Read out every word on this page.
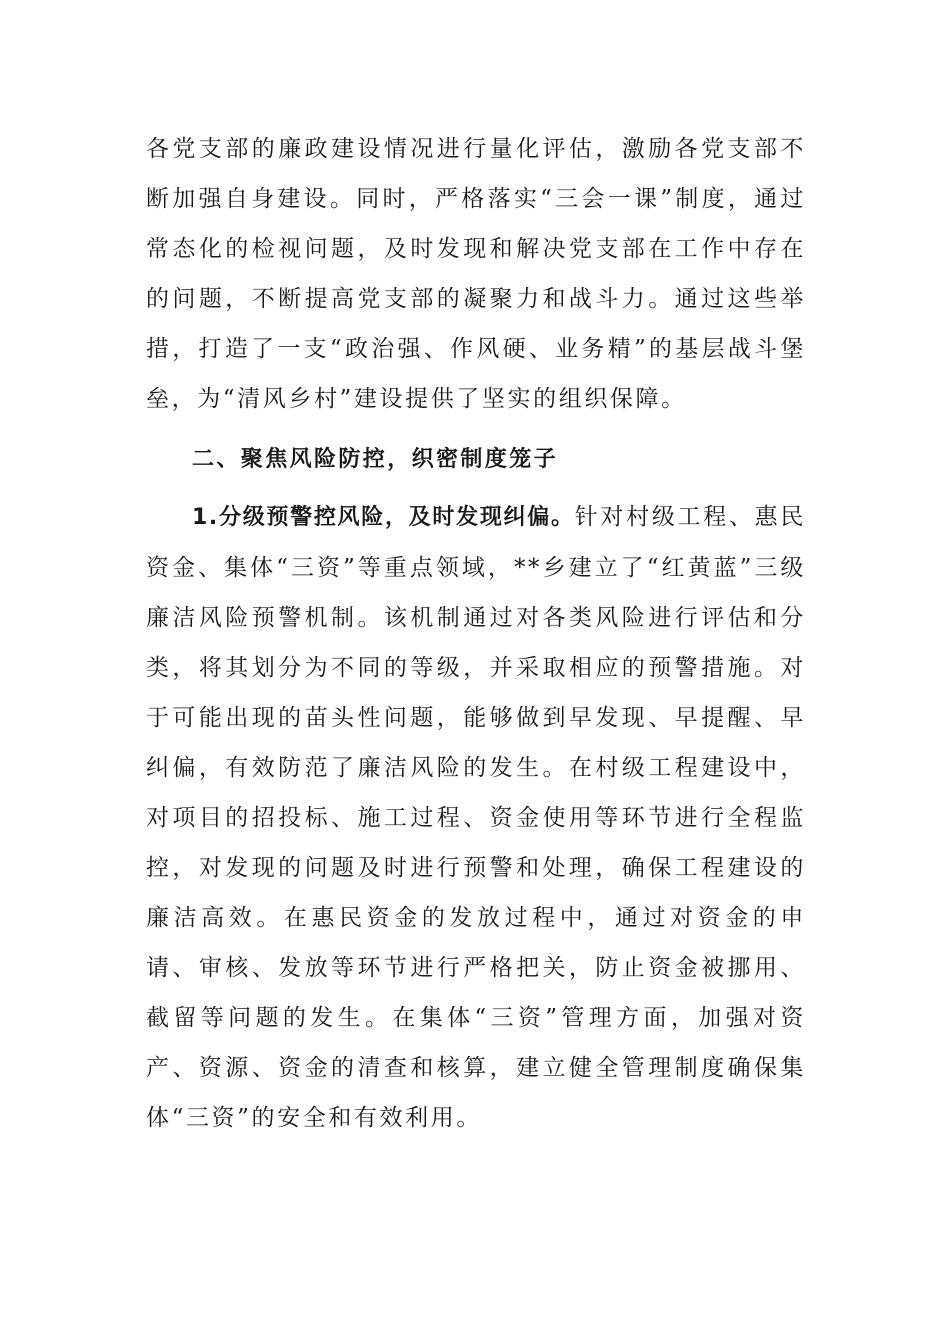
各党支部的廉政建设情况进行量化评估，激励各党支部不断加强自身建设。同时，严格落实“三会一课”制度，通过常态化的检视问题，及时发现和解决党支部在工作中存在的问题，不断提高党支部的凝聚力和战斗力。通过这些举措，打造了一支“政治强、作风硬、业务精”的基层战斗堡垒，为“清风乡村”建设提供了坚实的组织保障。

二、聚焦风险防控，织密制度笼子

1.分级预警控风险，及时发现纠偏。针对村级工程、惠民资金、集体“三资”等重点领域，**乡建立了“红黄蓝”三级廉洁风险预警机制。该机制通过对各类风险进行评估和分类，将其划分为不同的等级，并采取相应的预警措施。对于可能出现的苗头性问题，能够做到早发现、早提醒、早纠偏，有效防范了廉洁风险的发生。在村级工程建设中，对项目的招投标、施工过程、资金使用等环节进行全程监控，对发现的问题及时进行预警和处理，确保工程建设的廉洁高效。在惠民资金的发放过程中，通过对资金的申请、审核、发放等环节进行严格把关，防止资金被挪用、截留等问题的发生。在集体“三资”管理方面，加强对资产、资源、资金的清查和核算，建立健全管理制度确保集体“三资”的安全和有效利用。
